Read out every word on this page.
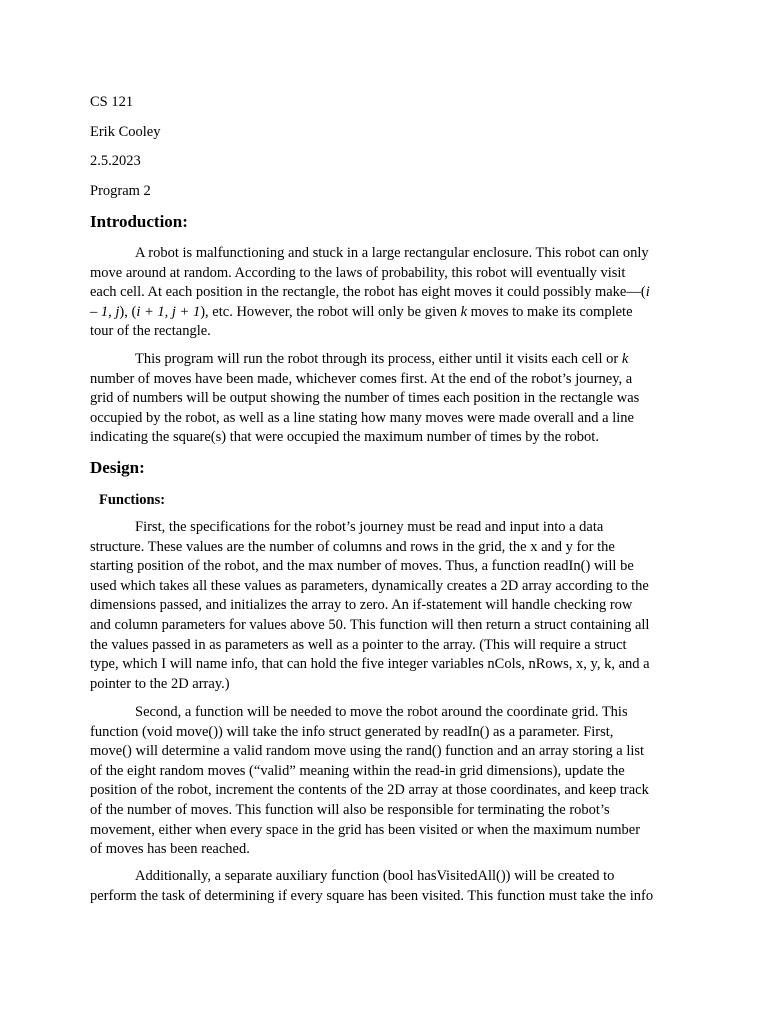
CS 121
Erik Cooley
2.5.2023
Program 2
Introduction:
A robot is malfunctioning and stuck in a large rectangular enclosure. This robot can only
move around at random. According to the laws of probability, this robot will eventually visit
each cell. At each position in the rectangle, the robot has eight moves it could possibly make—(i
– 1, j), (i + 1, j + 1), etc. However, the robot will only be given k moves to make its complete
tour of the rectangle.
This program will run the robot through its process, either until it visits each cell or k
number of moves have been made, whichever comes first. At the end of the robot’s journey, a
grid of numbers will be output showing the number of times each position in the rectangle was
occupied by the robot, as well as a line stating how many moves were made overall and a line
indicating the square(s) that were occupied the maximum number of times by the robot.
Design:
Functions:
First, the specifications for the robot’s journey must be read and input into a data
structure. These values are the number of columns and rows in the grid, the x and y for the
starting position of the robot, and the max number of moves. Thus, a function readIn() will be
used which takes all these values as parameters, dynamically creates a 2D array according to the
dimensions passed, and initializes the array to zero. An if-statement will handle checking row
and column parameters for values above 50. This function will then return a struct containing all
the values passed in as parameters as well as a pointer to the array. (This will require a struct
type, which I will name info, that can hold the five integer variables nCols, nRows, x, y, k, and a
pointer to the 2D array.)
Second, a function will be needed to move the robot around the coordinate grid. This
function (void move()) will take the info struct generated by readIn() as a parameter. First,
move() will determine a valid random move using the rand() function and an array storing a list
of the eight random moves (“valid” meaning within the read-in grid dimensions), update the
position of the robot, increment the contents of the 2D array at those coordinates, and keep track
of the number of moves. This function will also be responsible for terminating the robot’s
movement, either when every space in the grid has been visited or when the maximum number
of moves has been reached.
Additionally, a separate auxiliary function (bool hasVisitedAll()) will be created to
perform the task of determining if every square has been visited. This function must take the info
